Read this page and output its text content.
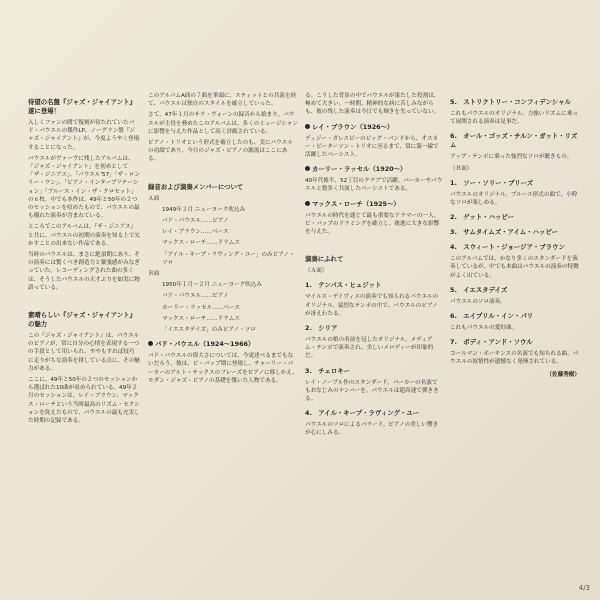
待望の名盤『ジャズ・ジャイアント』遂に登場！

入しくファンの間で復刻が待たれていたバド・パウエルの傑作LP、ノーグラン盤『ジャズ・ジャイアント』が、今度ようやく登場することになった。

パウエルがヴァーヴに残したアルバムは、「ジャズ・ジャイアント」を初めとして「ザ・ジニアス」、「パウエル'57」「ザ・ロンリー・ワン」、「ピアノ・インタープリテーション」「ブルース・イン・ザ・クロセット」の６枚。中でも本作は、49年と50年の２つのセッションを収めたもので、パウエルの最も優れた演奏が含まれている。

ところでこのアルバムは、『ザ・ジニアス』と共に、パウエルの初期の演奏を知る上で欠かすことの出来ない作品である。

当時のパウエルは、まさに絶頂期にあり、その演奏には驚くべき創造力と緊張感がみなぎっていた。レコーディングされた曲の多くは、そうしたパウエルの天才ぶりを如実に物語っている。

素晴らしい『ジャズ・ジャイアント』の魅力

この『ジャズ・ジャイアント』は、パウエルのピアノが、常に自分の心情を表現する一つの手段として用いられ、ややもすれば技巧に走りがちな演奏を排している点に、その魅力がある。

ここに、49年と50年の２つのセッションから選ばれた10曲が収められている。49年２月のセッションは、レイ・ブラウン、マックス・ローチという当時最高のリズム・セクションを従えたもので、パウエルの最も充実した時期の記録である。

このアルバムA面の７曲を筆頭に、スティットとの共演を経て、パウエルは独自のスタイルを確立していった。

さて、47年１月のサラ・ヴォーンの録音から始まり、パウエルが主役を務めたこのアルバムは、多くのミュージシャンに影響を与えた作品として高く評価されている。

ピアノ・トリオという形式を確立したのも、実にパウエルの功績であり、今日のジャズ・ピアノの源流はここにある。

録音および演奏メンバーについて

Ａ面

1949年２月 ニューヨーク吹込み

バド・パウエル……ピアノ

レイ・ブラウン……ベース

マックス・ローチ……ドラムス

「アイル・キープ・ラヴィング・ユー」のみピアノ・ソロ

Ｂ面

1950年１月～２月 ニューヨーク吹込み

バド・パウエル……ピアノ

カーリー・ラッセル……ベース

マックス・ローチ……ドラムス

「イエスタデイズ」のみピアノ・ソロ

バド・パウエル（1924～1966）

バド・パウエルの偉大さについては、今更述べるまでもないだろう。彼は、ビ・バップ期に登場し、チャーリー・パーカーのアルト・サックスのフレーズをピアノに移しかえ、モダン・ジャズ・ピアノの基礎を築いた人物である。

る。こうした背景の中でパウエルが果たした役割は、極めて大きい。一時期、精神的な病に苦しみながらも、彼の残した演奏は今日でも輝きを失っていない。

レイ・ブラウン（1926～）

ディジー・ガレスピーのビッグ・バンドから、オスカー・ピーターソン・トリオに至るまで、常に第一線で活躍したベーシスト。

カーリー・ラッセル（1920～）

40年代後半、52丁目のクラブで活躍。パーカーやパウエルと数多く共演したベーシストである。

マックス・ローチ（1925～）

パウエルの時代を通じて最も重要なドラマーの一人。ビ・バップのドラミングを確立し、後進に大きな影響を与えた。

演奏にふれて

（Ａ面）

1.　テンパス・ヒュジット

マイルス・デイヴィスの演奏でも知られるパウエルのオリジナル。猛烈なテンポの中で、パウエルのピアノが冴えわたる。

2.　シリア

パウエルの娘の名前を冠したオリジナル。メディアム・テンポで演奏され、美しいメロディーが印象的だ。

3.　チェロキー

レイ・ノーブル作のスタンダード。パーカーの名演でもおなじみのナンバーを、パウエルは超高速で弾ききる。

4.　アイル・キープ・ラヴィング・ユー

パウエルのソロによるバラード。ピアノの美しい響きが心にしみる。

5.　ストリクトリー・コンフィデンシャル

これもパウエルのオリジナル。力強いリズムに乗って展開される演奏は見事だ。

6.　オール・ゴッズ・チルン・ガット・リズム

アップ・テンポに乗った強烈なソロが聴きもの。

（Ｂ面）

1.　ソー・ソリー・ブリーズ

パウエルのオリジナル。ブルース形式の曲で、小粋なソロが楽しめる。

2.　ゲット・ハッピー
3.　サムタイムズ・アイム・ハッピー
4.　スウィート・ジョージア・ブラウン

このアルバムでは、かなり多くのスタンダードを演奏しているが、中でも本曲はパウエルの演奏の特徴がよく出ている。

5.　イエスタデイズ

パウエルのソロ演奏。

6.　エイプリル・イン・パリ

これもパウエルの愛好曲。

7.　ボディ・アンド・ソウル

コールマン・ホーキンスの名演でも知られる曲。パウエルの叙情性が遺憾なく発揮されている。

（佐藤秀樹）
4/3
